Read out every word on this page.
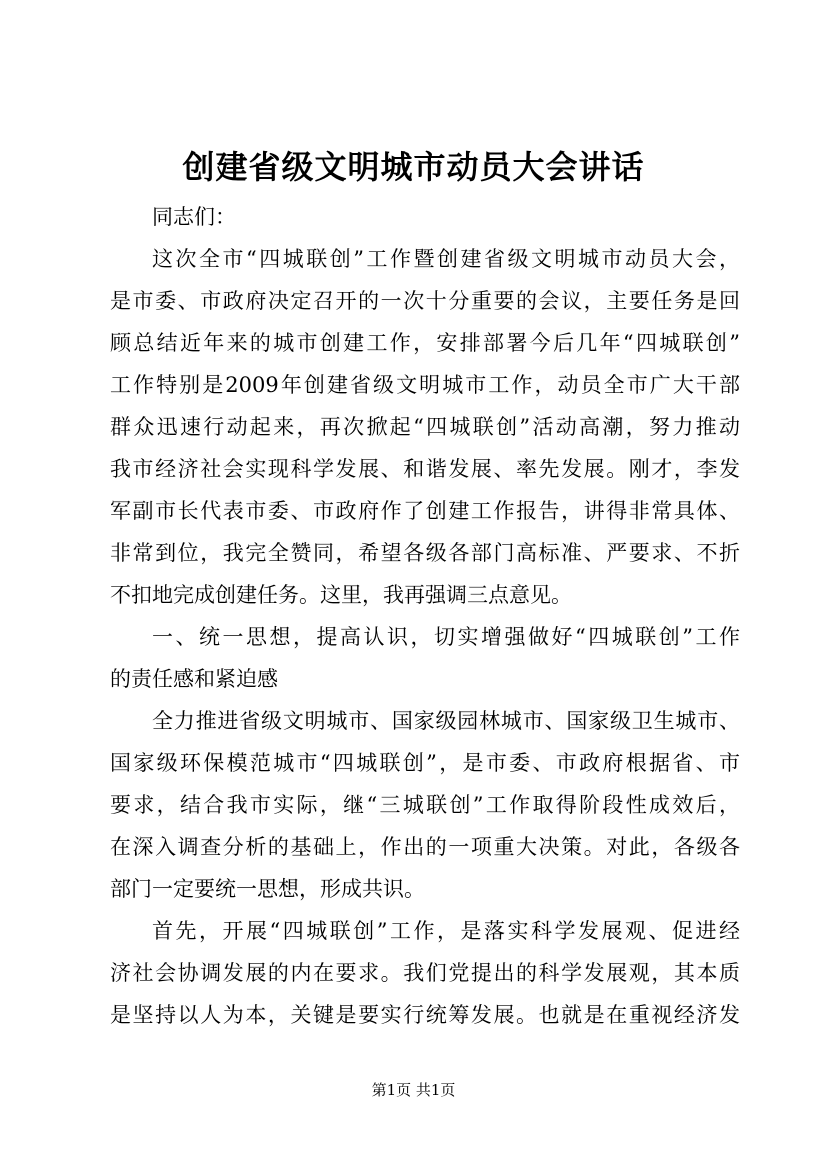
创建省级文明城市动员大会讲话
同志们：
这次全市“四城联创”工作暨创建省级文明城市动员大会，
是市委、市政府决定召开的一次十分重要的会议，主要任务是回
顾总结近年来的城市创建工作，安排部署今后几年“四城联创”
工作特别是2009年创建省级文明城市工作，动员全市广大干部
群众迅速行动起来，再次掀起“四城联创”活动高潮，努力推动
我市经济社会实现科学发展、和谐发展、率先发展。刚才，李发
军副市长代表市委、市政府作了创建工作报告，讲得非常具体、
非常到位，我完全赞同，希望各级各部门高标准、严要求、不折
不扣地完成创建任务。这里，我再强调三点意见。
一、统一思想，提高认识，切实增强做好“四城联创”工作
的责任感和紧迫感
全力推进省级文明城市、国家级园林城市、国家级卫生城市、
国家级环保模范城市“四城联创”，是市委、市政府根据省、市
要求，结合我市实际，继“三城联创”工作取得阶段性成效后，
在深入调查分析的基础上，作出的一项重大决策。对此，各级各
部门一定要统一思想，形成共识。
首先，开展“四城联创”工作，是落实科学发展观、促进经
济社会协调发展的内在要求。我们党提出的科学发展观，其本质
是坚持以人为本，关键是要实行统筹发展。也就是在重视经济发
第1页 共1页
